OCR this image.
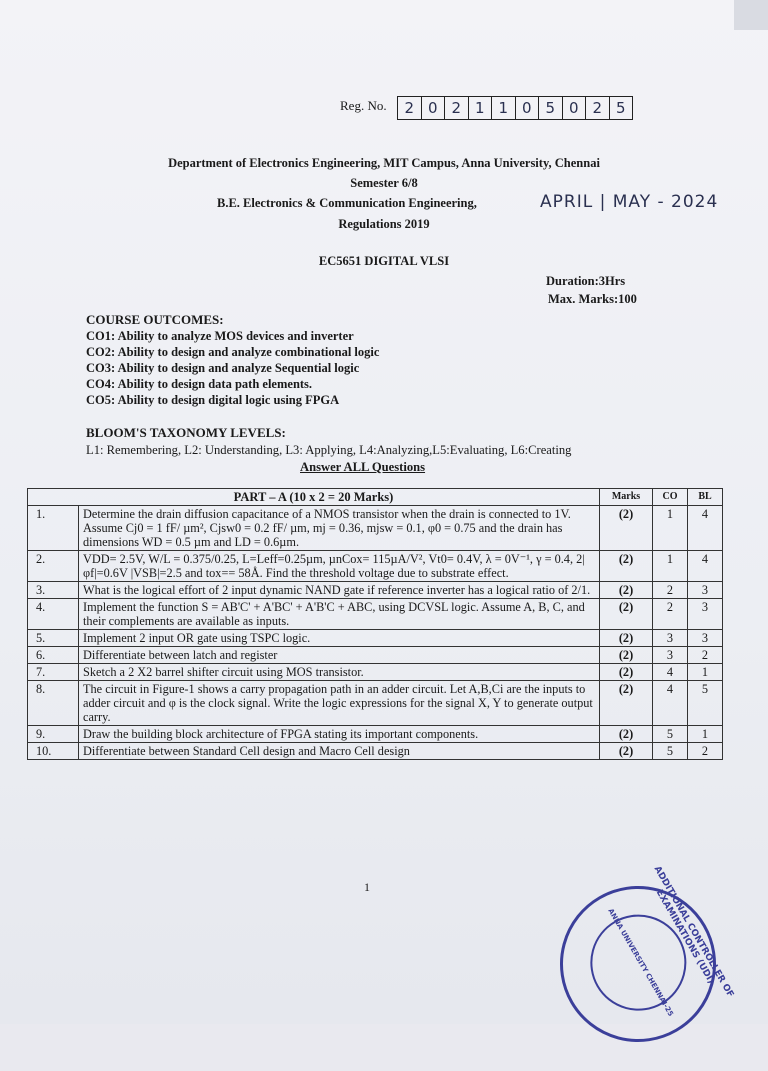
Reg. No.	2 0 2 1 1 0 5 0 2 5
Department of Electronics Engineering, MIT Campus, Anna University, Chennai
Semester 6/8
B.E. Electronics & Communication Engineering,	APRIL | MAY - 2024
Regulations 2019
EC5651 DIGITAL VLSI
Duration:3Hrs
Max. Marks:100
COURSE OUTCOMES:
CO1: Ability to analyze MOS devices and inverter
CO2: Ability to design and analyze combinational logic
CO3: Ability to design and analyze Sequential logic
CO4: Ability to design data path elements.
CO5: Ability to design digital logic using FPGA
BLOOM'S TAXONOMY LEVELS:
L1: Remembering, L2: Understanding, L3: Applying, L4:Analyzing,L5:Evaluating, L6:Creating
Answer ALL Questions
PART – A (10 x 2 = 20 Marks)		Marks	CO	BL
1.	Determine the drain diffusion capacitance of a NMOS transistor when the drain is connected to 1V. Assume Cj0 = 1 fF/ µm², Cjsw0 = 0.2 fF/ µm, mj = 0.36, mjsw = 0.1, φ0 = 0.75 and the drain has dimensions WD = 0.5 µm and LD = 0.6µm.	(2)	1	4
2.	VDD= 2.5V, W/L = 0.375/0.25, L=Leff=0.25µm, µnCox= 115µA/V², Vt0= 0.4V, λ = 0V⁻¹, γ = 0.4, 2|φf|=0.6V |VSB|=2.5 and tox== 58Å. Find the threshold voltage due to substrate effect.	(2)	1	4
3.	What is the logical effort of 2 input dynamic NAND gate if reference inverter has a logical ratio of 2/1.	(2)	2	3
4.	Implement the function S = AB'C' + A'BC' + A'B'C + ABC, using DCVSL logic. Assume A, B, C, and their complements are available as inputs.	(2)	2	3
5.	Implement 2 input OR gate using TSPC logic.	(2)	3	3
6.	Differentiate between latch and register	(2)	3	2
7.	Sketch a 2 X2 barrel shifter circuit using MOS transistor.	(2)	4	1
8.	The circuit in Figure-1 shows a carry propagation path in an adder circuit. Let A,B,Ci are the inputs to adder circuit and φ is the clock signal. Write the logic expressions for the signal X, Y to generate output carry.	(2)	4	5
9.	Draw the building block architecture of FPGA stating its important components.	(2)	5	1
10.	Differentiate between Standard Cell design and Macro Cell design	(2)	5	2
1	ADDITIONAL CONTROLLER OF EXAMINATIONS (UDI)
ANNA UNIVERSITY CHENNAI-25
